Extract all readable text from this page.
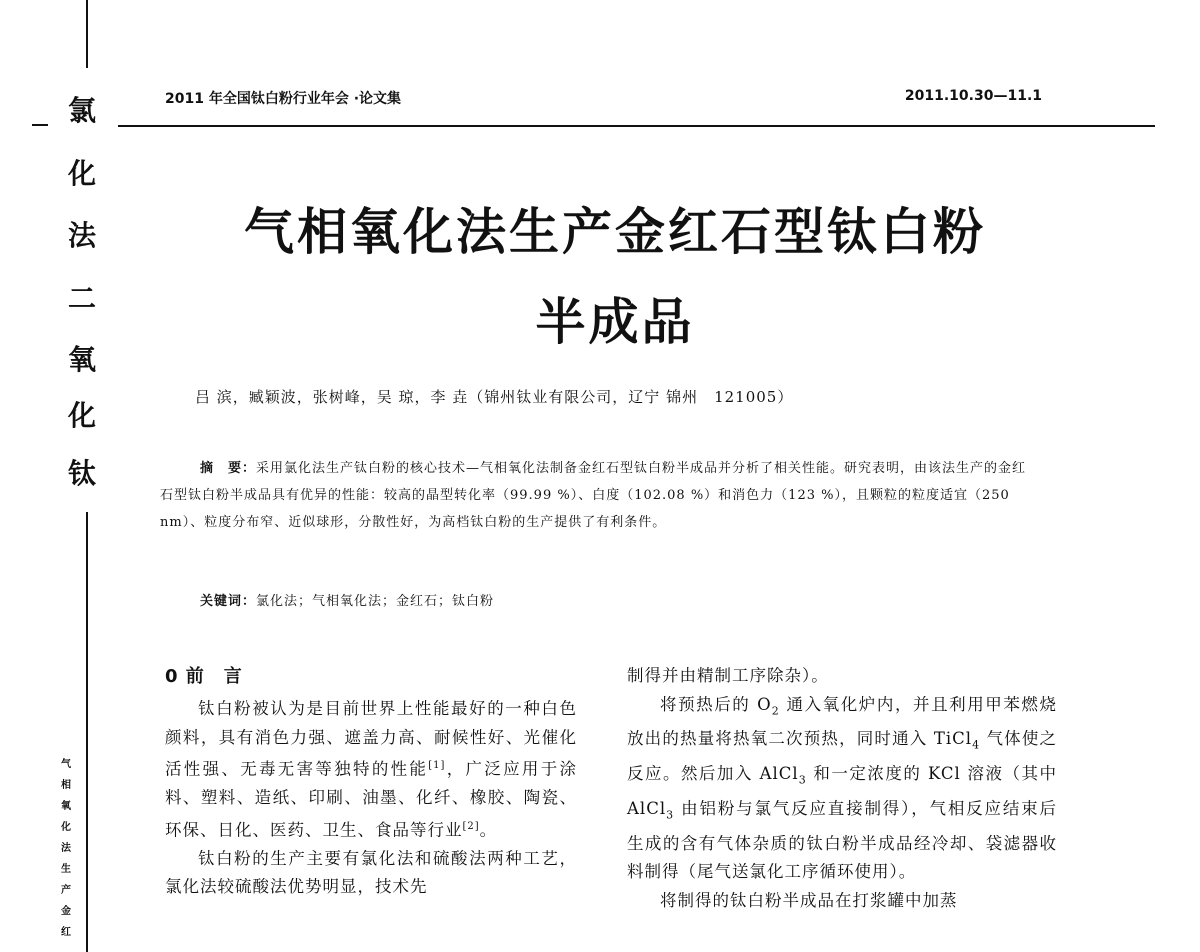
氯
化
法
二
氧
化
钛
气
相
氧
化
法
生
产
金
红
2011 年全国钛白粉行业年会 ·论文集	2011.10.30—11.1
气相氧化法生产金红石型钛白粉
半成品
吕 滨，臧颖波，张树峰，吴 琼，李 垚（锦州钛业有限公司，辽宁 锦州　121005）
摘　要：采用氯化法生产钛白粉的核心技术—气相氧化法制备金红石型钛白粉半成品并分析了相关性能。研究表明，由该法生产的金红石型钛白粉半成品具有优异的性能：较高的晶型转化率（99.99 %）、白度（102.08 %）和消色力（123 %），且颗粒的粒度适宜（250 nm）、粒度分布窄、近似球形，分散性好，为高档钛白粉的生产提供了有利条件。
关键词：氯化法；气相氧化法；金红石；钛白粉
0 前　言
钛白粉被认为是目前世界上性能最好的一种白色颜料，具有消色力强、遮盖力高、耐候性好、光催化活性强、无毒无害等独特的性能[1]，广泛应用于涂料、塑料、造纸、印刷、油墨、化纤、橡胶、陶瓷、环保、日化、医药、卫生、食品等行业[2]。
钛白粉的生产主要有氯化法和硫酸法两种工艺，氯化法较硫酸法优势明显，技术先
制得并由精制工序除杂）。
将预热后的 $O_2$ 通入氧化炉内，并且利用甲苯燃烧放出的热量将热氧二次预热，同时通入 TiCl$_4$ 气体使之反应。然后加入 AlCl$_3$ 和一定浓度的 KCl 溶液（其中 AlCl$_3$ 由铝粉与氯气反应直接制得），气相反应结束后生成的含有气体杂质的钛白粉半成品经冷却、袋滤器收料制得（尾气送氯化工序循环使用）。
将制得的钛白粉半成品在打浆罐中加蒸
